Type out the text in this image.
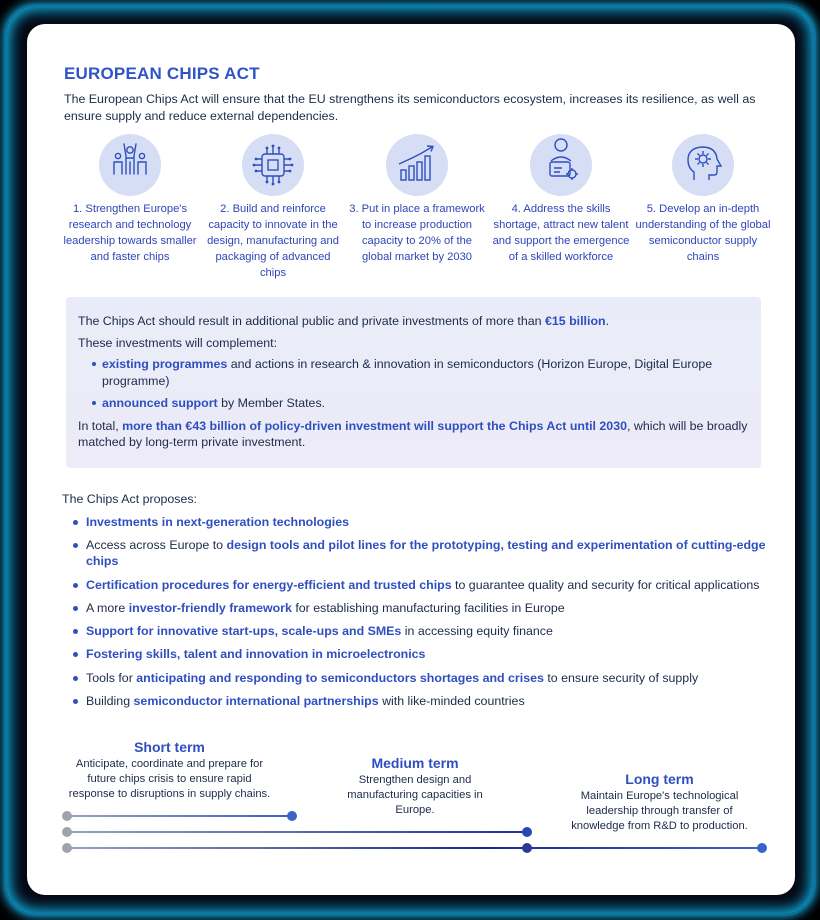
EUROPEAN CHIPS ACT
The European Chips Act will ensure that the EU strengthens its semiconductors ecosystem, increases its resilience, as well as ensure supply and reduce external dependencies.
1. Strengthen Europe's research and technology leadership towards smaller and faster chips
2. Build and reinforce capacity to innovate in the design, manufacturing and packaging of advanced chips
3. Put in place a framework to increase production capacity to 20% of the global market by 2030
4. Address the skills shortage, attract new talent and support the emergence of a skilled workforce
5. Develop an in-depth understanding of the global semiconductor supply chains

The Chips Act should result in additional public and private investments of more than €15 billion.

These investments will complement:

existing programmes and actions in research & innovation in semiconductors (Horizon Europe, Digital Europe programme)
announced support by Member States.

In total, more than €43 billion of policy-driven investment will support the Chips Act until 2030, which will be broadly matched by long-term private investment.

The Chips Act proposes:
Investments in next-generation technologies
Access across Europe to design tools and pilot lines for the prototyping, testing and experimentation of cutting-edge chips
Certification procedures for energy-efficient and trusted chips to guarantee quality and security for critical applications
A more investor-friendly framework for establishing manufacturing facilities in Europe
Support for innovative start-ups, scale-ups and SMEs in accessing equity finance
Fostering skills, talent and innovation in microelectronics
Tools for anticipating and responding to semiconductors shortages and crises to ensure security of supply
Building semiconductor international partnerships with like-minded countries
Short term
Anticipate, coordinate and prepare for future chips crisis to ensure rapid response to disruptions in supply chains.
Medium term
Strengthen design and manufacturing capacities in Europe.
Long term
Maintain Europe's technological leadership through transfer of knowledge from R&D to production.
